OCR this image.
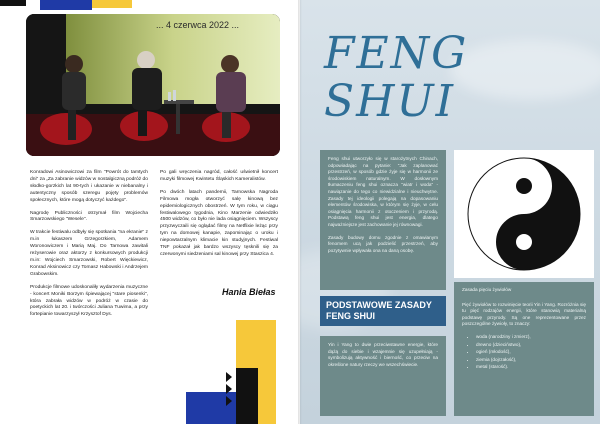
... 4 czerwca 2022 ...

Konradowi Asinowiczowi za film "Powrót do tamtych dni" za „Za zabranie widzów w nostalgiczną podróż do słodko-gorzkich lat 90-tych i ukazanie w niebanalny i autentyczny sposób szeregu pojęty problemów społecznych, które mogą dotyczyć każdego".

Nagrodę Publiczności otrzymał film Wojciecha Smarzowskiego "Wesele".

W trakcie festiwalu odbyły się spotkania "na ekranie" z m.in łukaszem Grzegorzkiem, Adamem Woronowiczem i Marią Maj. Do Tarnowa zawitali reżyserowie oraz aktorzy z konkursowych produkcji m.in: Wojciech Smarzowski, Robert Więckiewicz, Konrad Aksinowicz czy Tomasz Habowski i Andrzejem Grabowskim.

Produkcje filmowe udoskonaliły wydarzenia muzyczne - koncert Moniki Borzym śpiewającej "stare piosenki", która zabrała widzów w podróż w czasie do poetyckich lat 20. i twórczości Juliana Tuwima, a przy fortepianie towarzyszył Krzysztof Dys.

Po gali wręczenia nagród, całość uświetnił koncert muzyki filmowej Kwintetu Śląskich Kameralistów.

Po dwóch latach pandemii, Tarnowska Nagroda Filmowa mogła otworzyć salę kinową bez epidemiologicznych obostrzeń. W tym roku, w ciągu festiwalowego tygodnia, Kino Marzenie odwiedziło 4500 widzów, co było nie lada osiągnięciem. Wszyscy przyzwyczaili się oglądać filmy na Netflixie leżąc przy tym na domowej kanapie, zapominając o uroku i niepowtarzalnym klimacie kin studyjnych. Festiwal TNF pokazał jak bardzo wszyscy tęsknili się za czerwonymi siedzeniami sal kinowej przy Staszica 4.

Hania Biełas
FENG
SHUI

Feng shui utworzyło się w starożytnych Chinach, odpowiadając na pytanie: "Jak zaplanować przestrzeń, w sposób gdzie żyje się w harmonii ze środowiskiem naturalnym. W dosłownym tłumaczeniu feng shui oznacza "wiatr i woda" - nawiązanie do tego co niewidzialne i nieuchwytne. Zasady tej ideologii polegają na dopasowaniu elementów środowiska, w którym się żyje, w celu osiągnięcia harmonii z otoczeniem i przyrodą. Podstawą feng shui jest energia, dlatego najważniejsze jest zachowanie jej równowagi.

Zasady budowy domu zgodnie z omawianym fenomem ucą jak podzielić przestrzeń, aby pozytywnie wpływała ona na daną osobę.

PODSTAWOWE ZASADY FENG SHUI

Yin i Yang to dwie przeciwstawne energie, które dążą do siebie i wzajemnie się uzupełniają - symbolizują aktywność i bierność, co przeciw na określone natury rzeczy we wszechświecie.

Zasada pięciu żywiołów

Pięć żywiołów to rozwinięcie teorii Yin i Yang. Rozróżnia się tu pięć rodzajów energii, które stanowią materialną podstawę przyrody. Są one reprezentowane przez poszczególne żywioły, to znaczy:

• woda (narodziny i zmierz),
• drewno (dzieciństwo),
• ogień (młodość),
• ziemia (dojrzałość),
• metal (starość).
